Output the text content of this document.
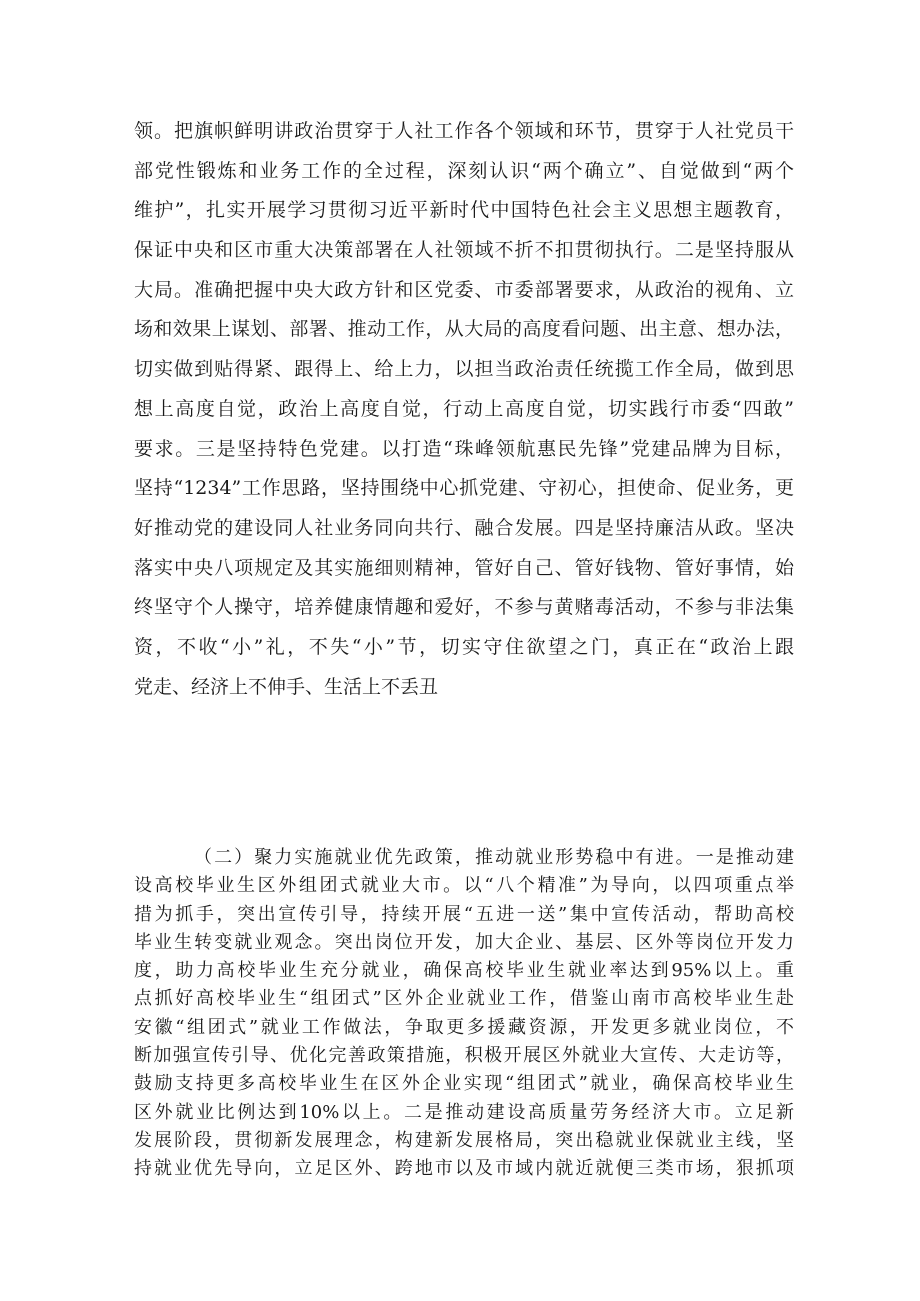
领。把旗帜鲜明讲政治贯穿于人社工作各个领域和环节，贯穿于人社党员干
部党性锻炼和业务工作的全过程，深刻认识“两个确立”、自觉做到“两个
维护”，扎实开展学习贯彻习近平新时代中国特色社会主义思想主题教育，
保证中央和区市重大决策部署在人社领域不折不扣贯彻执行。二是坚持服从
大局。准确把握中央大政方针和区党委、市委部署要求，从政治的视角、立
场和效果上谋划、部署、推动工作，从大局的高度看问题、出主意、想办法，
切实做到贴得紧、跟得上、给上力，以担当政治责任统揽工作全局，做到思
想上高度自觉，政治上高度自觉，行动上高度自觉，切实践行市委“四敢”
要求。三是坚持特色党建。以打造“珠峰领航惠民先锋”党建品牌为目标，
坚持“1234”工作思路，坚持围绕中心抓党建、守初心，担使命、促业务，更
好推动党的建设同人社业务同向共行、融合发展。四是坚持廉洁从政。坚决
落实中央八项规定及其实施细则精神，管好自己、管好钱物、管好事情，始
终坚守个人操守，培养健康情趣和爱好，不参与黄赌毒活动，不参与非法集
资，不收“小”礼，不失“小”节，切实守住欲望之门，真正在“政治上跟
党走、经济上不伸手、生活上不丢丑
（二）聚力实施就业优先政策，推动就业形势稳中有进。一是推动建
设高校毕业生区外组团式就业大市。以“八个精准”为导向，以四项重点举
措为抓手，突出宣传引导，持续开展“五进一送”集中宣传活动，帮助高校
毕业生转变就业观念。突出岗位开发，加大企业、基层、区外等岗位开发力
度，助力高校毕业生充分就业，确保高校毕业生就业率达到95%以上。重
点抓好高校毕业生“组团式”区外企业就业工作，借鉴山南市高校毕业生赴
安徽“组团式”就业工作做法，争取更多援藏资源，开发更多就业岗位，不
断加强宣传引导、优化完善政策措施，积极开展区外就业大宣传、大走访等，
鼓励支持更多高校毕业生在区外企业实现“组团式”就业，确保高校毕业生
区外就业比例达到10%以上。二是推动建设高质量劳务经济大市。立足新
发展阶段，贯彻新发展理念，构建新发展格局，突出稳就业保就业主线，坚
持就业优先导向，立足区外、跨地市以及市域内就近就便三类市场，狠抓项
